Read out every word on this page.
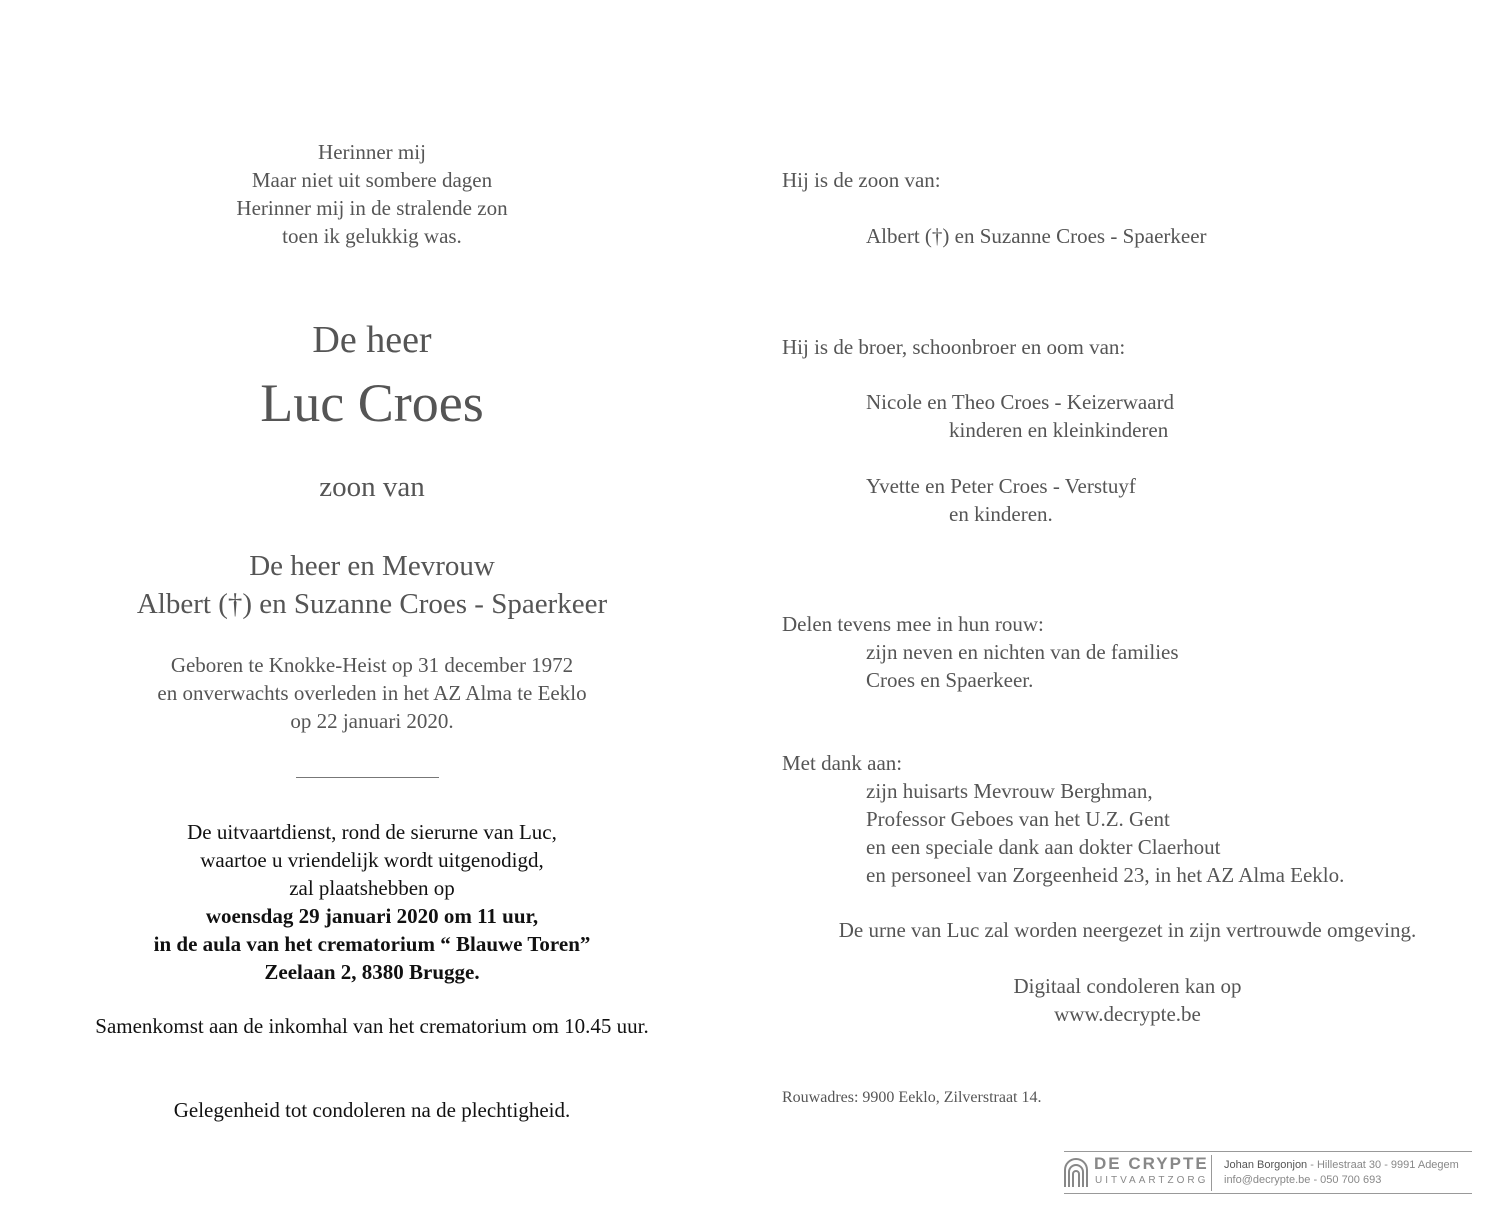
Herinner mij
Maar niet uit sombere dagen
Herinner mij in de stralende zon
toen ik gelukkig was.
De heer
Luc Croes
zoon van
De heer en Mevrouw
Albert (†) en Suzanne Croes - Spaerkeer
Geboren te Knokke-Heist op 31 december 1972
en onverwachts overleden in het AZ Alma te Eeklo
op 22 januari 2020.
De uitvaartdienst, rond de sierurne van Luc,
waartoe u vriendelijk wordt uitgenodigd,
zal plaatshebben op
woensdag 29 januari 2020 om 11 uur,
in de aula van het crematorium “ Blauwe Toren”
Zeelaan 2, 8380 Brugge.
Samenkomst aan de inkomhal van het crematorium om 10.45 uur.
Gelegenheid tot condoleren na de plechtigheid.
Hij is de zoon van:
Albert (†) en Suzanne Croes - Spaerkeer
Hij is de broer, schoonbroer en oom van:
Nicole en Theo Croes - Keizerwaard
kinderen en kleinkinderen
Yvette en Peter Croes - Verstuyf
en kinderen.
Delen tevens mee in hun rouw:
zijn neven en nichten van de families
Croes en Spaerkeer.
Met dank aan:
zijn huisarts Mevrouw Berghman,
Professor Geboes van het U.Z. Gent
en een speciale dank aan dokter Claerhout
en personeel van Zorgeenheid 23, in het AZ Alma Eeklo.
De urne van Luc zal worden neergezet in zijn vertrouwde omgeving.
Digitaal condoleren kan op
www.decrypte.be
Rouwadres: 9900 Eeklo, Zilverstraat 14.
DE CRYPTE
UITVAARTZORG
Johan Borgonjon - Hillestraat 30 - 9991 Adegem
info@decrypte.be - 050 700 693
